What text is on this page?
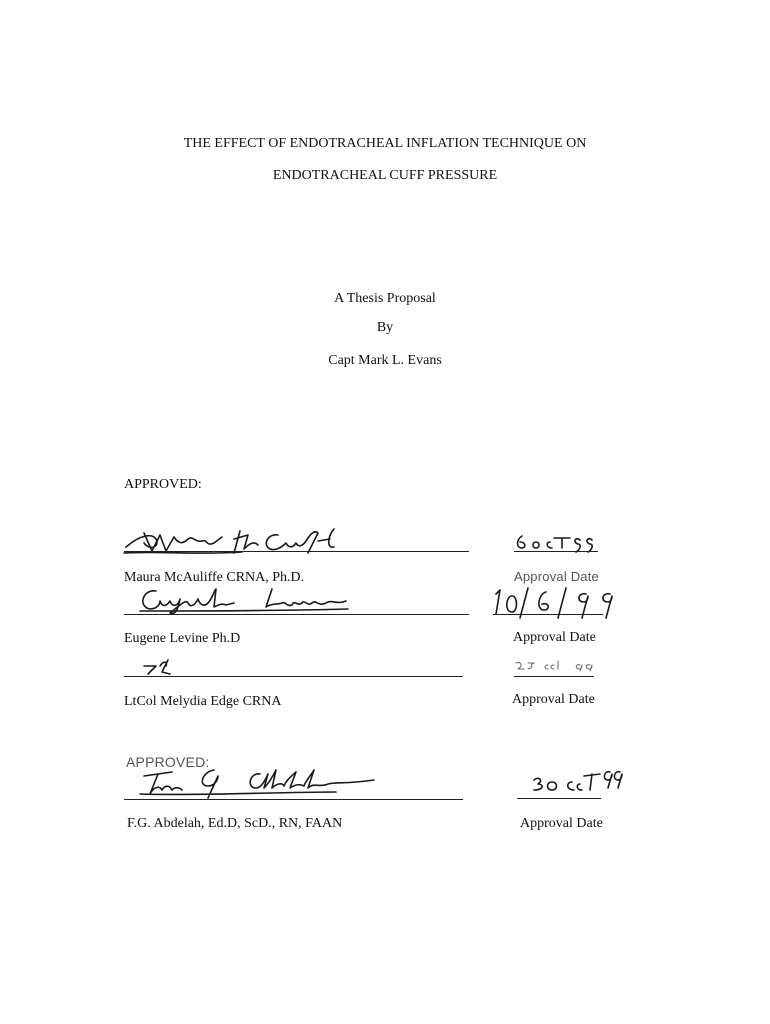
THE EFFECT OF ENDOTRACHEAL INFLATION TECHNIQUE ON
ENDOTRACHEAL CUFF PRESSURE
A Thesis Proposal
By
Capt Mark L. Evans
APPROVED:
Maura McAuliffe CRNA, Ph.D.	Approval Date
Eugene Levine Ph.D	Approval Date
LtCol Melydia Edge CRNA	Approval Date
APPROVED:
F.G. Abdelah, Ed.D, ScD., RN, FAAN	Approval Date
